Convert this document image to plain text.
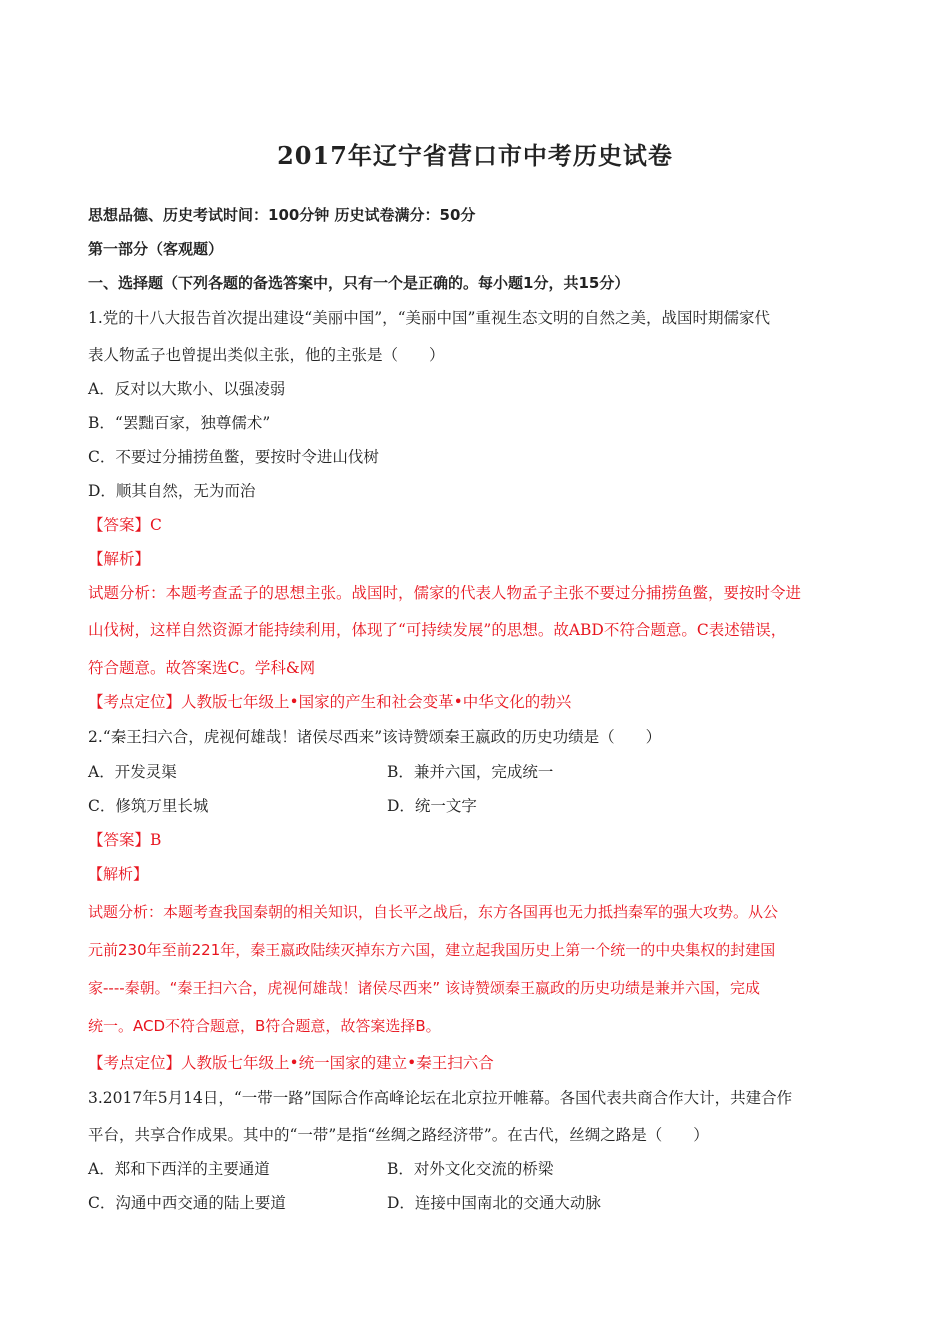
2017年辽宁省营口市中考历史试卷
思想品德、历史考试时间：100分钟 历史试卷满分：50分
第一部分（客观题）
一、选择题（下列各题的备选答案中，只有一个是正确的。每小题1分，共15分）
1.党的十八大报告首次提出建设“美丽中国”，“美丽中国”重视生态文明的自然之美，战国时期儒家代
表人物孟子也曾提出类似主张，他的主张是（　　）
A．反对以大欺小、以强凌弱
B．“罢黜百家，独尊儒术”
C．不要过分捕捞鱼鳖，要按时令进山伐树
D．顺其自然，无为而治
【答案】C
【解析】
试题分析：本题考查孟子的思想主张。战国时，儒家的代表人物孟子主张不要过分捕捞鱼鳖，要按时令进
山伐树，这样自然资源才能持续利用，体现了“可持续发展”的思想。故ABD不符合题意。C表述错误，
符合题意。故答案选C。学科&网
【考点定位】人教版七年级上•国家的产生和社会变革•中华文化的勃兴
2.“秦王扫六合，虎视何雄哉！诸侯尽西来”该诗赞颂秦王嬴政的历史功绩是（　　）
A．开发灵渠	B．兼并六国，完成统一
C．修筑万里长城	D．统一文字
【答案】B
【解析】
试题分析：本题考查我国秦朝的相关知识，自长平之战后，东方各国再也无力抵挡秦军的强大攻势。从公
元前230年至前221年，秦王嬴政陆续灭掉东方六国，建立起我国历史上第一个统一的中央集权的封建国
家----秦朝。“秦王扫六合，虎视何雄哉！诸侯尽西来” 该诗赞颂秦王嬴政的历史功绩是兼并六国，完成
统一。ACD不符合题意，B符合题意，故答案选择B。
【考点定位】人教版七年级上•统一国家的建立•秦王扫六合
3.2017年5月14日，“一带一路”国际合作高峰论坛在北京拉开帷幕。各国代表共商合作大计，共建合作
平台，共享合作成果。其中的“一带”是指“丝绸之路经济带”。在古代，丝绸之路是（　　）
A．郑和下西洋的主要通道	B．对外文化交流的桥梁
C．沟通中西交通的陆上要道	D．连接中国南北的交通大动脉
